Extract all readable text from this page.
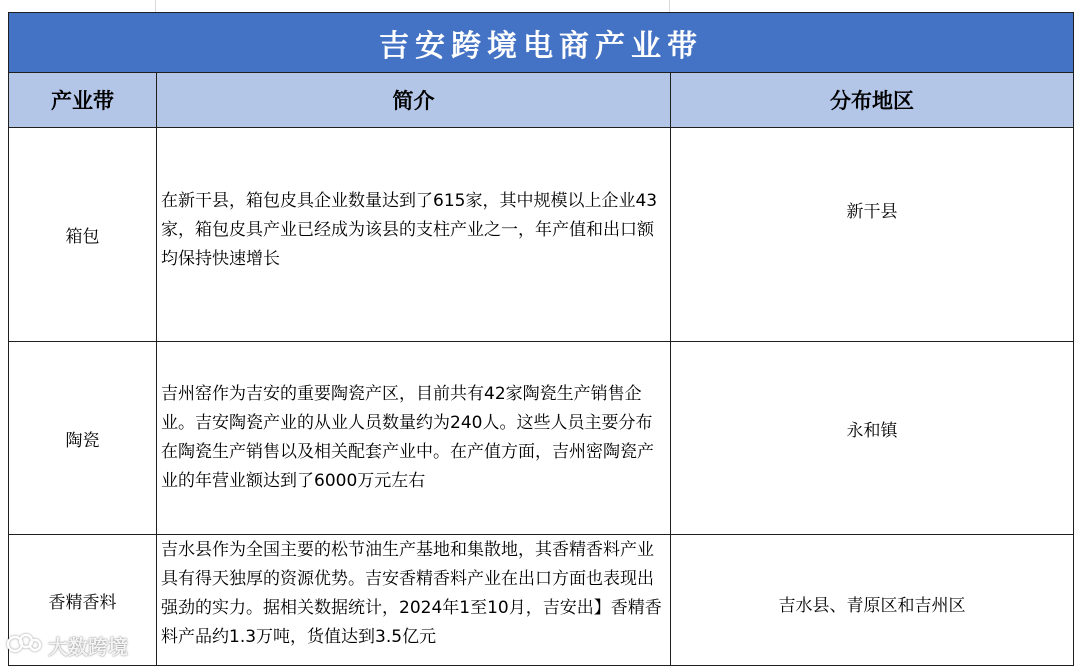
吉安跨境电商产业带		
产业带	简介	分布地区
箱包	在新干县，箱包皮具企业数量达到了615家，其中规模以上企业43家，箱包皮具产业已经成为该县的支柱产业之一，年产值和出口额均保持快速增长	新干县

陶瓷	吉州窑作为吉安的重要陶瓷产区，目前共有42家陶瓷生产销售企业。吉安陶瓷产业的从业人员数量约为240人。这些人员主要分布在陶瓷生产销售以及相关配套产业中。在产值方面，吉州密陶瓷产业的年营业额达到了6000万元左右	永和镇

香精香料	吉水县作为全国主要的松节油生产基地和集散地，其香精香料产业具有得天独厚的资源优势。吉安香精香料产业在出口方面也表现出强劲的实力。据相关数据统计，2024年1至10月，吉安出】香精香料产品约1.3万吨，货值达到3.5亿元	吉水县、青原区和吉州区
大数跨境
